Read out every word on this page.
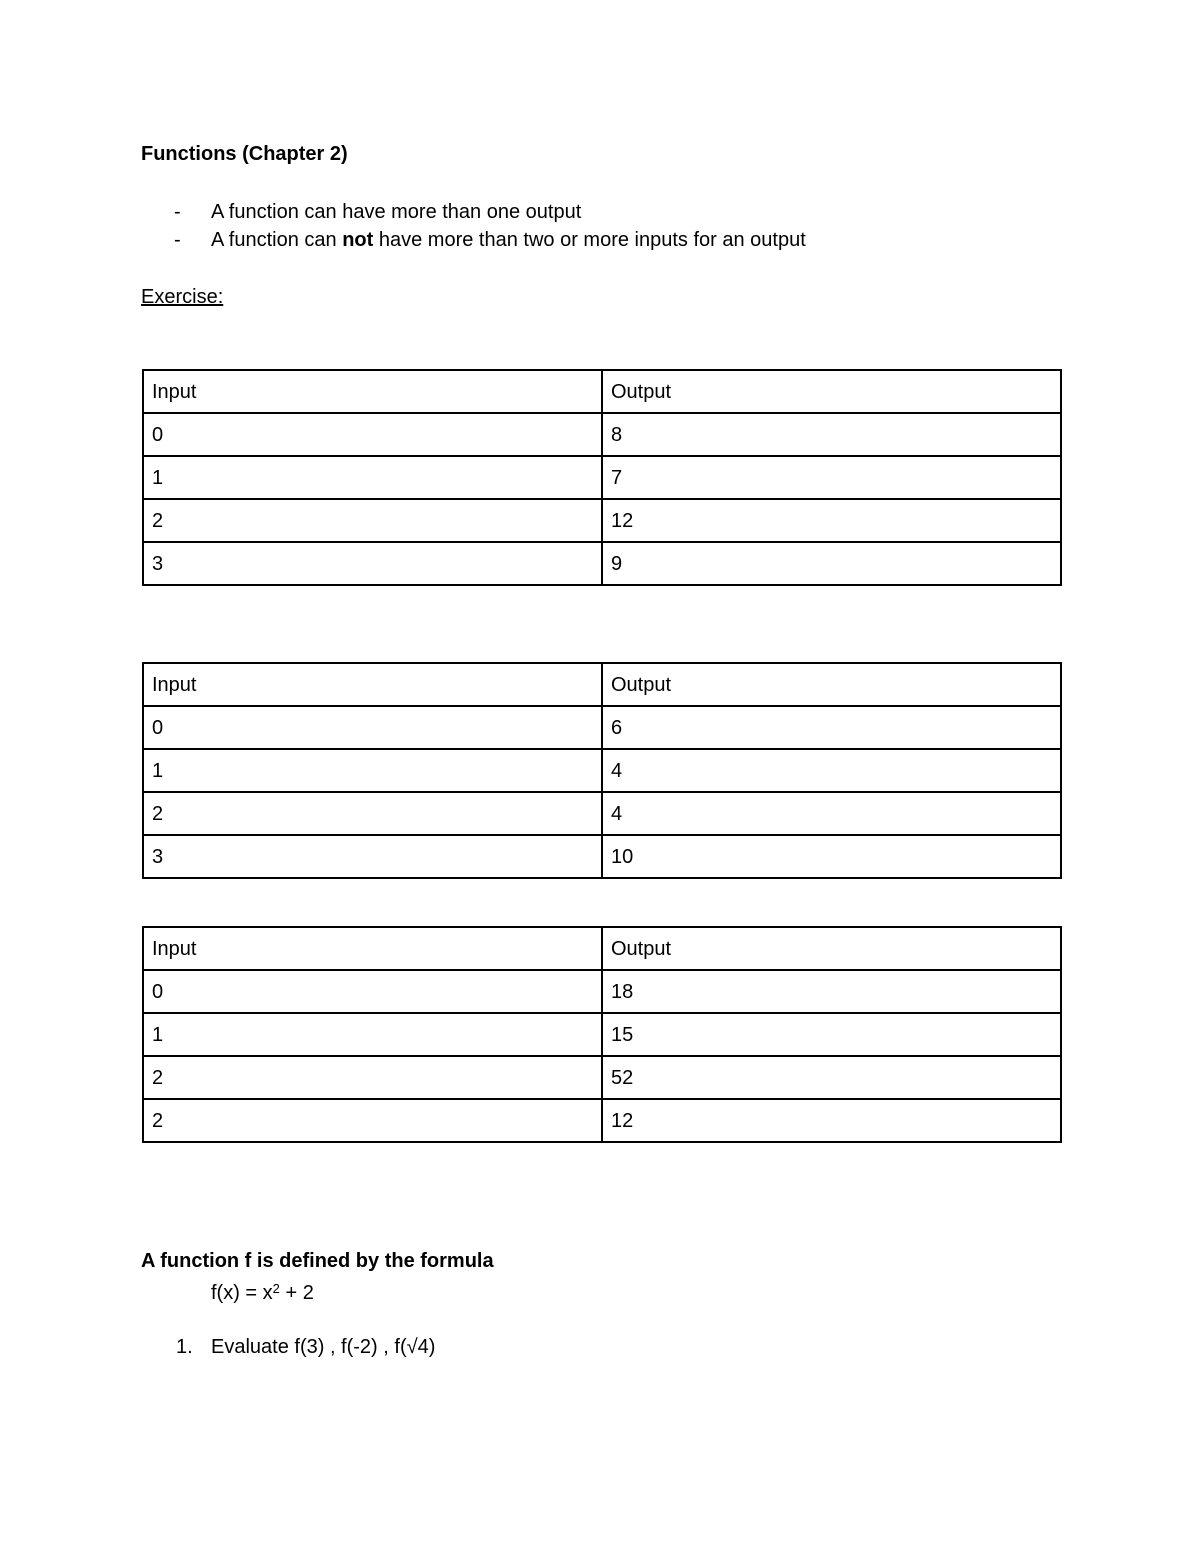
Functions (Chapter 2)
- A function can have more than one output
- A function can not have more than two or more inputs for an output
Exercise:
Input	Output
0	8
1	7
2	12
3	9
Input	Output
0	6
1	4
2	4
3	10
Input	Output
0	18
1	15
2	52
2	12
A function f is defined by the formula
$f(x) = x^2 + 2$
1. Evaluate f(3) , f(-2) , f(√4)
